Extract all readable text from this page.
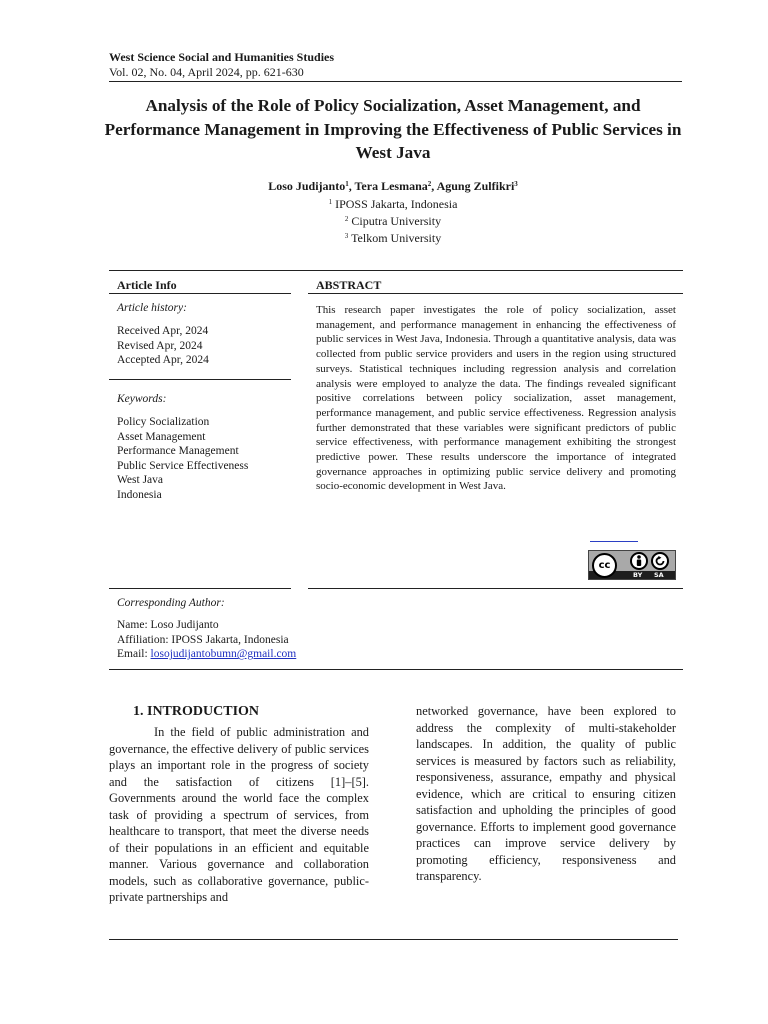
West Science Social and Humanities Studies
Vol. 02, No. 04, April 2024, pp. 621-630
Analysis of the Role of Policy Socialization, Asset Management, and Performance Management in Improving the Effectiveness of Public Services in West Java
Loso Judijanto$^1$, Tera Lesmana$^2$, Agung Zulfikri$^3$
$^1$ IPOSS Jakarta, Indonesia
$^2$ Ciputra University
$^3$ Telkom University
Article Info
Article history:
Received Apr, 2024
Revised Apr, 2024
Accepted Apr, 2024
Keywords:
Policy Socialization
Asset Management
Performance Management
Public Service Effectiveness
West Java
Indonesia
ABSTRACT
This research paper investigates the role of policy socialization, asset management, and performance management in enhancing the effectiveness of public services in West Java, Indonesia. Through a quantitative analysis, data was collected from public service providers and users in the region using structured surveys. Statistical techniques including regression analysis and correlation analysis were employed to analyze the data. The findings revealed significant positive correlations between policy socialization, asset management, performance management, and public service effectiveness. Regression analysis further demonstrated that these variables were significant predictors of public service effectiveness, with performance management exhibiting the strongest predictive power. These results underscore the importance of integrated governance approaches in optimizing public service delivery and promoting socio-economic development in West Java.
cc
BY SA
Corresponding Author:
Name: Loso Judijanto
Affiliation: IPOSS Jakarta, Indonesia
Email: losojudijantobumn@gmail.com
1. INTRODUCTION

In the field of public administration and governance, the effective delivery of public services plays an important role in the progress of society and the satisfaction of citizens [1]–[5]. Governments around the world face the complex task of providing a spectrum of services, from healthcare to transport, that meet the diverse needs of their populations in an efficient and equitable manner. Various governance and collaboration models, such as collaborative governance, public-private partnerships and

networked governance, have been explored to address the complexity of multi-stakeholder landscapes. In addition, the quality of public services is measured by factors such as reliability, responsiveness, assurance, empathy and physical evidence, which are critical to ensuring citizen satisfaction and upholding the principles of good governance. Efforts to implement good governance practices can improve service delivery by promoting efficiency, responsiveness and transparency.
